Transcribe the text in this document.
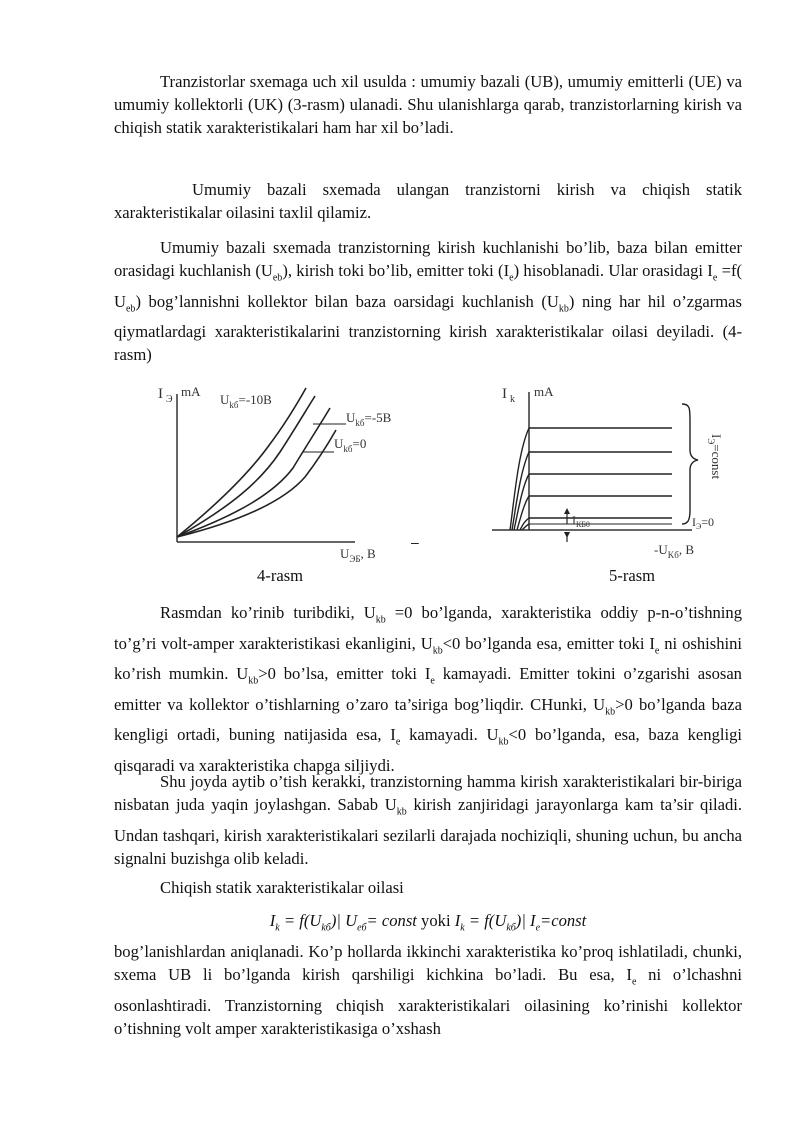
Tranzistorlar sxemaga uch xil usulda : umumiy bazali (UB), umumiy emitterli (UE) va umumiy kollektorli (UK) (3-rasm) ulanadi. Shu ulanishlarga qarab, tranzistorlarning kirish va chiqish statik xarakteristikalari ham har xil bo’ladi.

Umumiy bazali sxemada ulangan tranzistorni kirish va chiqish statik xarakteristikalar oilasini taxlil qilamiz.

Umumiy bazali sxemada tranzistorning kirish kuchlanishi bo’lib, baza bilan emitter orasidagi kuchlanish $(U_{eb})$, kirish toki bo’lib, emitter toki $(I_e)$ hisoblanadi. Ular orasidagi $I_e =f$( $U_{eb}$) bog’lannishni kollektor bilan baza oarsidagi kuchlanish $(U_{kb})$ ning har hil o’zgarmas qiymatlardagi xarakteristikalarini tranzistorning kirish xarakteristikalar oilasi deyiladi. (4-rasm)

I Э
mA
$U_{kб}=-10В$
$U_{kб}=-5В$
$U_{kб}=0$
$U_{ЭБ}$, В
–
I k
mA
$I_Э=const$
$I_{КБ0}$	$I_Э=0$
$-U_{Kб}$, В
4-rasm	5-rasm

Rasmdan ko’rinib turibdiki, $U_{kb} =0$ bo’lganda, xarakteristika oddiy p-n-o’tishning to’g’ri volt-amper xarakteristikasi ekanligini, $U_{kb}<0$ bo’lganda esa, emitter toki $I_e$ ni oshishini ko’rish mumkin. $U_{kb}>0$ bo’lsa, emitter toki $I_e$ kamayadi. Emitter tokini o’zgarishi asosan emitter va kollektor o’tishlarning o’zaro ta’siriga bog’liqdir. CHunki, $U_{kb}>0$ bo’lganda baza kengligi ortadi, buning natijasida esa, $I_e$ kamayadi. $U_{kb}<0$ bo’lganda, esa, baza kengligi qisqaradi va xarakteristika chapga siljiydi.

Shu joyda aytib o’tish kerakki, tranzistorning hamma kirish xarakteristikalari bir-biriga nisbatan juda yaqin joylashgan. Sabab $U_{kb}$ kirish zanjiridagi jarayonlarga kam ta’sir qiladi. Undan tashqari, kirish xarakteristikalari sezilarli darajada nochiziqli, shuning uchun, bu ancha signalni buzishga olib keladi.

Chiqish statik xarakteristikalar oilasi

$I_k = f(U_{kб})|$ $U_{eб}=$ const yoki $I_k = f(U_{kб})|$ $I_e=const$

bog’lanishlardan aniqlanadi. Ko’p hollarda ikkinchi xarakteristika ko’proq ishlatiladi, chunki, sxema UB li bo’lganda kirish qarshiligi kichkina bo’ladi. Bu esa, $I_e$ ni o’lchashni osonlashtiradi. Tranzistorning chiqish xarakteristikalari oilasining ko’rinishi kollektor o’tishning volt amper xarakteristikasiga o’xshash
